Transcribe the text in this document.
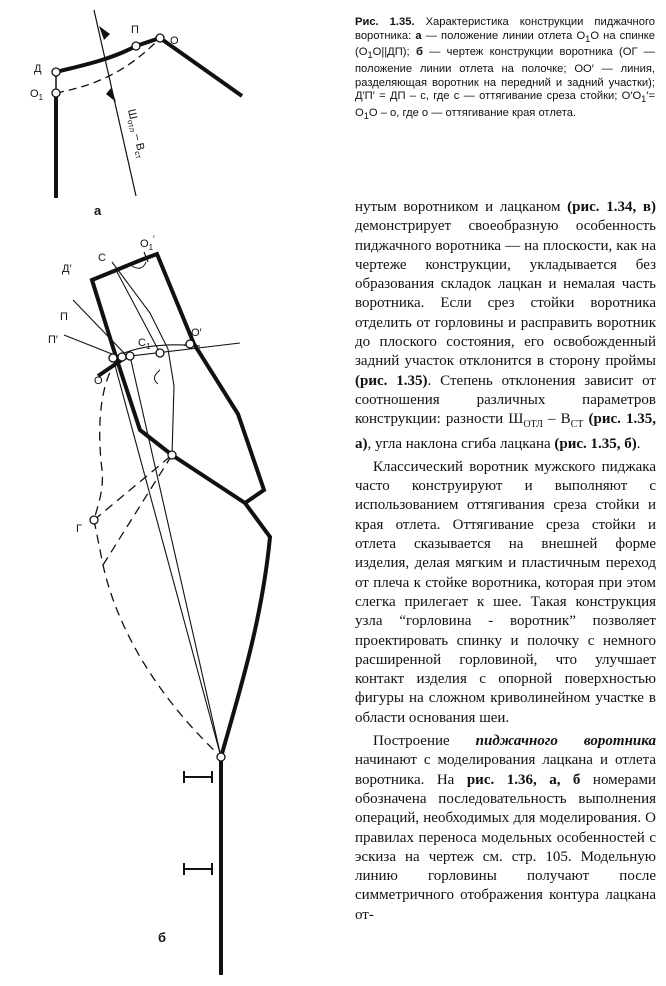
Д
$О_1$
П
О
$Ш_{отл} - В_{ст}$
а
$О_1'$
Д′
С
$С_1$
П
П′
О′
О
Г
б

Рис. 1.35. Характеристика конструкции пиджачного воротника: а — положение линии отлета $О_1О$ на спинке $(О_1О||ДП)$; б — чертеж конструкции воротника (ОГ — положение линии отлета на полочке; ОО′ — линия, разделяющая воротник на передний и задний участки); Д′П′ = ДП – с, где с — оттягивание среза стойки; $О'О_1'= О_1О - о$, где о — оттягивание края отлета.

нутым воротником и лацканом (рис. 1.34, в) демонстрирует своеобразную особенность пиджачного воротника — на плоскости, как на чертеже конструкции, укладывается без образования складок лацкан и немалая часть воротника. Если срез стойки воротника отделить от горловины и расправить воротник до плоского состояния, его освобожденный задний участок отклонится в сторону проймы (рис. 1.35). Степень отклонения зависит от соотношения различных параметров конструкции: разности $Ш_{ОТЛ} - В_{СТ}$ (рис. 1.35, а), угла наклона сгиба лацкана (рис. 1.35, б).
Классический воротник мужского пиджака часто конструируют и выполняют с использованием оттягивания среза стойки и края отлета. Оттягивание среза стойки и отлета сказывается на внешней форме изделия, делая мягким и пластичным переход от плеча к стойке воротника, которая при этом слегка прилегает к шее. Такая конструкция узла “горловина - воротник” позволяет проектировать спинку и полочку с немного расширенной горловиной, что улучшает контакт изделия с опорной поверхностью фигуры на сложном криволинейном участке в области основания шеи.
Построение пиджачного воротника начинают с моделирования лацкана и отлета воротника. На рис. 1.36, а, б номерами обозначена последовательность выполнения операций, необходимых для моделирования. О правилах переноса модельных особенностей с эскиза на чертеж см. стр. 105. Модельную линию горловины получают после симметричного отображения контура лацкана от-
